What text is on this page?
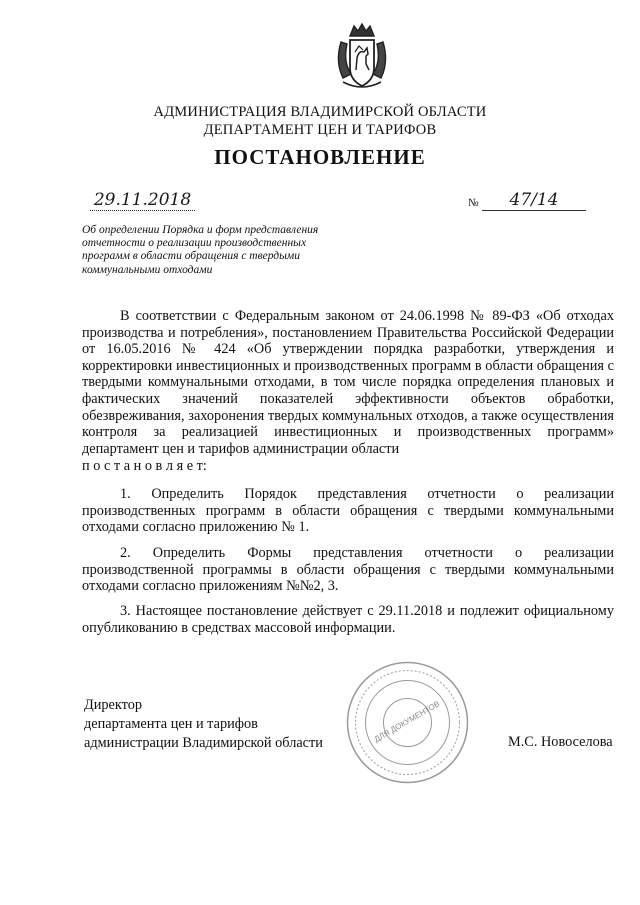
АДМИНИСТРАЦИЯ ВЛАДИМИРСКОЙ ОБЛАСТИ
ДЕПАРТАМЕНТ ЦЕН И ТАРИФОВ
ПОСТАНОВЛЕНИЕ
29.11.2018	№	47/14
Об определении Порядка и форм представления отчетности о реализации производственных программ в области обращения с твердыми коммунальными отходами
В соответствии с Федеральным законом от 24.06.1998 № 89-ФЗ «Об отходах производства и потребления», постановлением Правительства Российской Федерации от 16.05.2016 № 424 «Об утверждении порядка разработки, утверждения и корректировки инвестиционных и производственных программ в области обращения с твердыми коммунальными отходами, в том числе порядка определения плановых и фактических значений показателей эффективности объектов обработки, обезвреживания, захоронения твердых коммунальных отходов, а также осуществления контроля за реализацией инвестиционных и производственных программ» департамент цен и тарифов администрации области
п о с т а н о в л я е т:
1. Определить Порядок представления отчетности о реализации производственных программ в области обращения с твердыми коммунальными отходами согласно приложению № 1.
2. Определить Формы представления отчетности о реализации производственной программы в области обращения с твердыми коммунальными отходами согласно приложениям №№2, 3.
3. Настоящее постановление действует с 29.11.2018 и подлежит официальному опубликованию в средствах массовой информации.
Директор
департамента цен и тарифов
администрации Владимирской области	ДЛЯ ДОКУМЕНТОВ	М.С. Новоселова
